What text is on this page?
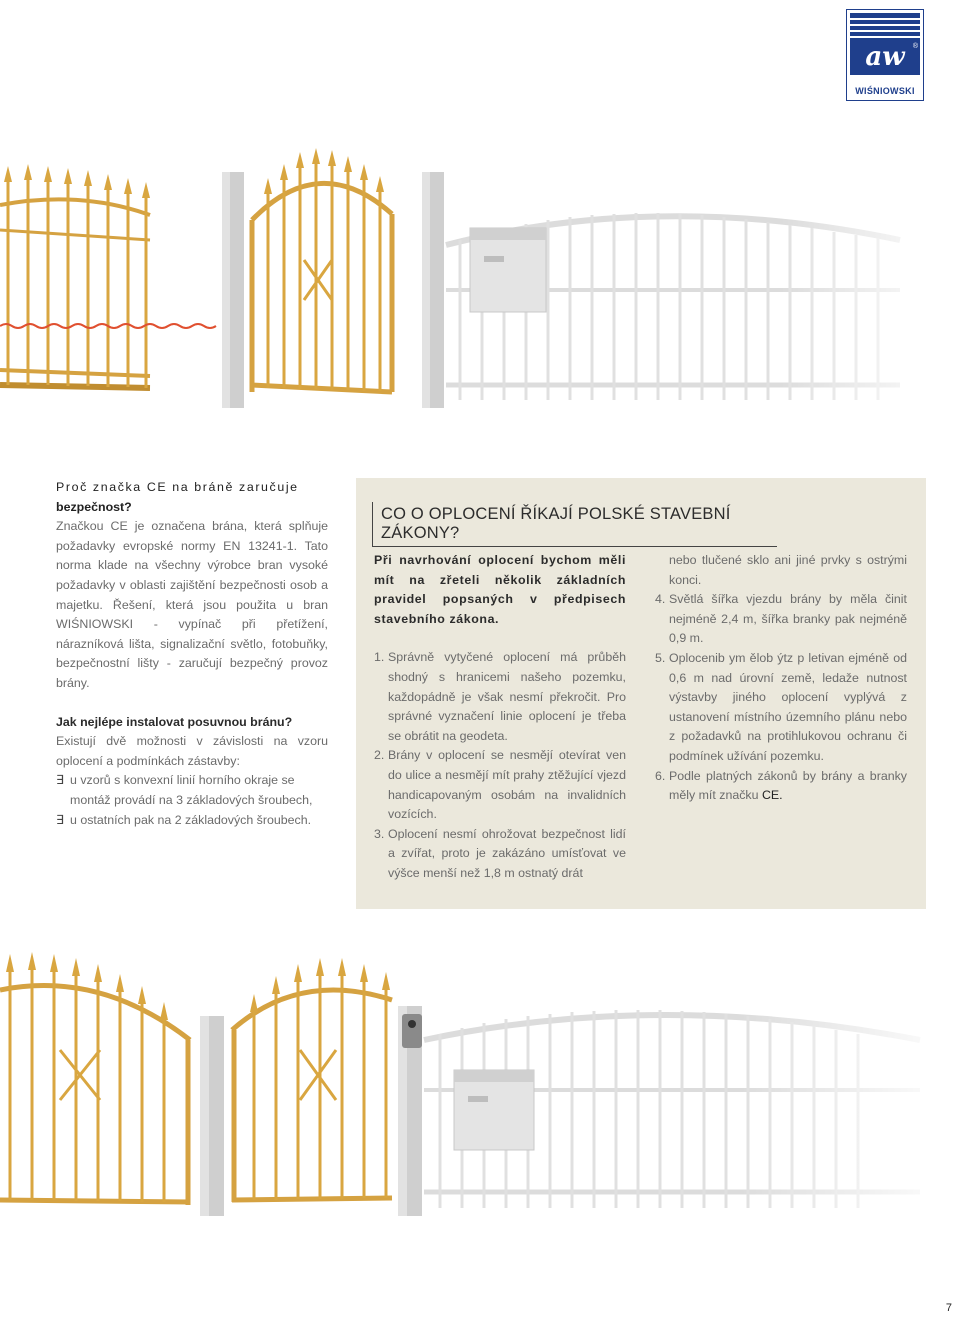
aw	®
WIŚNIOWSKI

Proč značka CE na bráně zaručuje
bezpečnost?

Značkou CE je označena brána, která splňuje požadavky evropské normy EN 13241-1. Tato norma klade na všechny výrobce bran vysoké požadavky v oblasti zajištění bezpečnosti osob a majetku. Řešení, která jsou použita u bran WIŚNIOWSKI - vypínač při přetížení, nárazníková lišta, signalizační světlo, fotobuňky, bezpečnostní lišty - zaručují bezpečný provoz brány.

Jak nejlépe instalovat posuvnou bránu?

Existují dvě možnosti v závislosti na vzoru oplocení a podmínkách zástavby:

∃ u vzorů s konvexní linií horního okraje se montáž provádí na 3 základových šroubech,
∃ u ostatních pak na 2 základových šroubech.
CO O OPLOCENÍ ŘÍKAJÍ POLSKÉ STAVEBNÍ ZÁKONY?

Při navrhování oplocení bychom měli mít na zřeteli několik základních pravidel popsaných v předpisech stavebního zákona.

1. Správně vytyčené oplocení má průběh shodný s hranicemi našeho pozemku, každopádně je však nesmí překročit. Pro správné vyznačení linie oplocení je třeba se obrátit na geodeta.

2. Brány v oplocení se nesmějí otevírat ven do ulice a nesmějí mít prahy ztěžující vjezd handicapovaným osobám na invalidních vozících.

3. Oplocení nesmí ohrožovat bezpečnost lidí a zvířat, proto je zakázáno umísťovat ve výšce menší než 1,8 m ostnatý drát

nebo tlučené sklo ani jiné prvky s ostrými konci.

4. Světlá šířka vjezdu brány by měla činit nejméně 2,4 m, šířka branky pak nejméně 0,9 m.

5. Oplocenib ym ělob ýtz p letivan ejméně od 0,6 m nad úrovní země, ledaže nutnost výstavby jiného oplocení vyplývá z ustanovení místního územního plánu nebo z požadavků na protihlukovou ochranu či podmínek užívání pozemku.

6. Podle platných zákonů by brány a branky měly mít značku CE.

7
